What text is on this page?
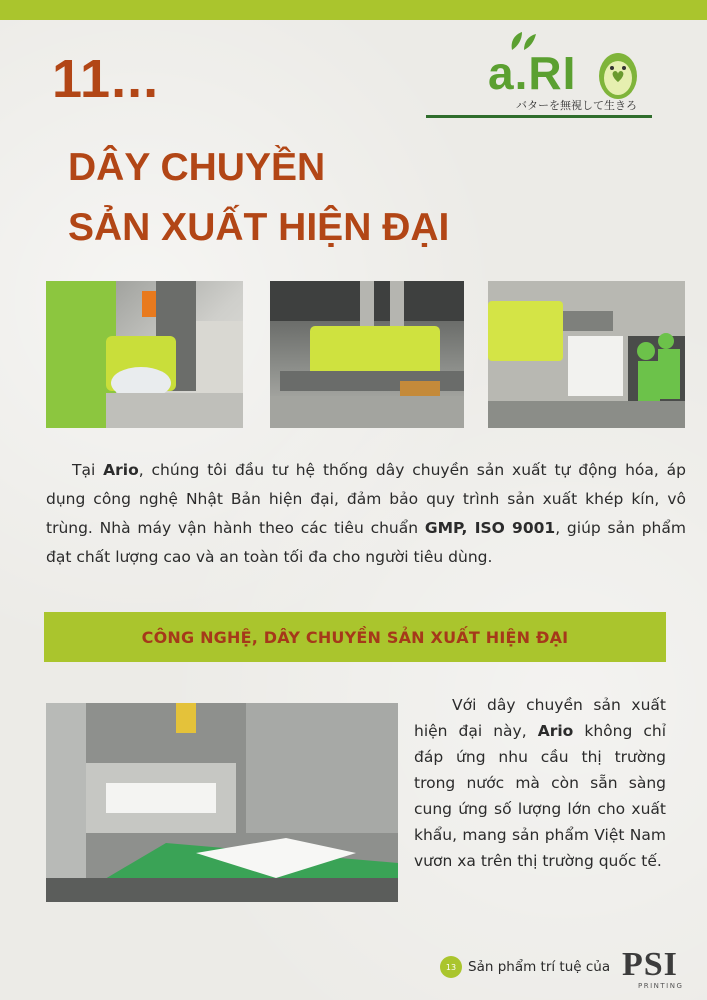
11...	a.RI
バターを無視して生きろ
DÂY CHUYỀN
SẢN XUẤT HIỆN ĐẠI

Tại Ario, chúng tôi đầu tư hệ thống dây chuyền sản xuất tự động hóa, áp dụng công nghệ Nhật Bản hiện đại, đảm bảo quy trình sản xuất khép kín, vô trùng. Nhà máy vận hành theo các tiêu chuẩn GMP, ISO 9001, giúp sản phẩm đạt chất lượng cao và an toàn tối đa cho người tiêu dùng.

CÔNG NGHỆ, DÂY CHUYỀN SẢN XUẤT HIỆN ĐẠI

Với dây chuyền sản xuất hiện đại này, Ario không chỉ đáp ứng nhu cầu thị trường trong nước mà còn sẵn sàng cung ứng số lượng lớn cho xuất khẩu, mang sản phẩm Việt Nam vươn xa trên thị trường quốc tế.

13 Sản phẩm trí tuệ của PSI
PRINTING
